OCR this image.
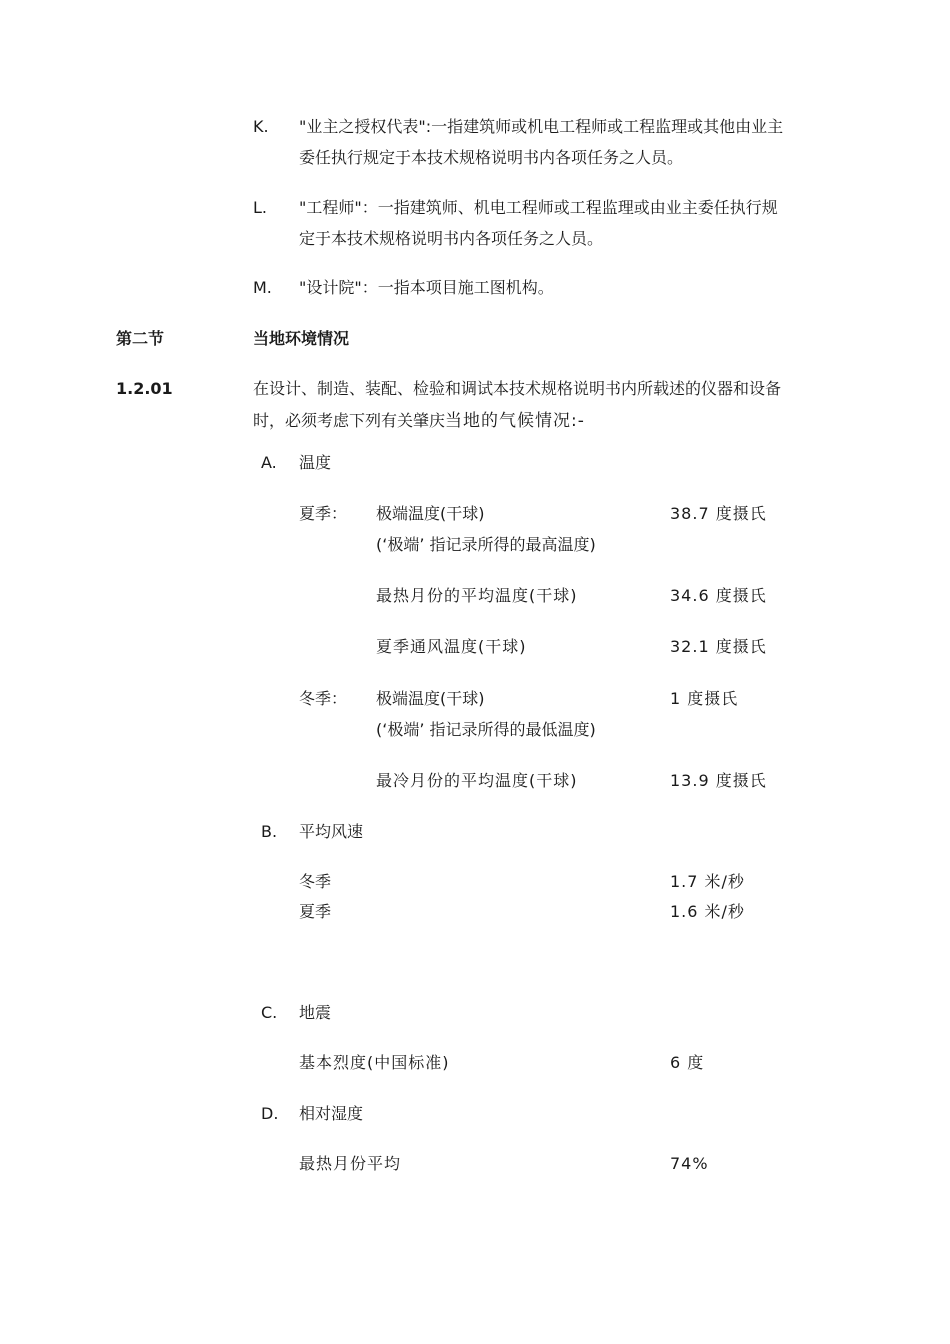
K. "业主之授权代表":一指建筑师或机电工程师或工程监理或其他由业主
委任执行规定于本技术规格说明书内各项任务之人员。
L. "工程师"：一指建筑师、机电工程师或工程监理或由业主委任执行规
定于本技术规格说明书内各项任务之人员。
M. "设计院"：一指本项目施工图机构。
第二节	当地环境情况
1.2.01	在设计、制造、装配、检验和调试本技术规格说明书内所载述的仪器和设备
时，必须考虑下列有关肇庆当地的气候情况:-
A. 温度
夏季： 极端温度(干球)	38.7 度摄氏
(‘极端’ 指记录所得的最高温度)
最热月份的平均温度(干球)	34.6 度摄氏
夏季通风温度(干球)	32.1 度摄氏
冬季： 极端温度(干球)	1 度摄氏
(‘极端’ 指记录所得的最低温度)
最冷月份的平均温度(干球)	13.9 度摄氏
B. 平均风速
冬季	1.7 米/秒
夏季	1.6 米/秒
C. 地震
基本烈度(中国标准)	6 度
D. 相对湿度
最热月份平均	74%
